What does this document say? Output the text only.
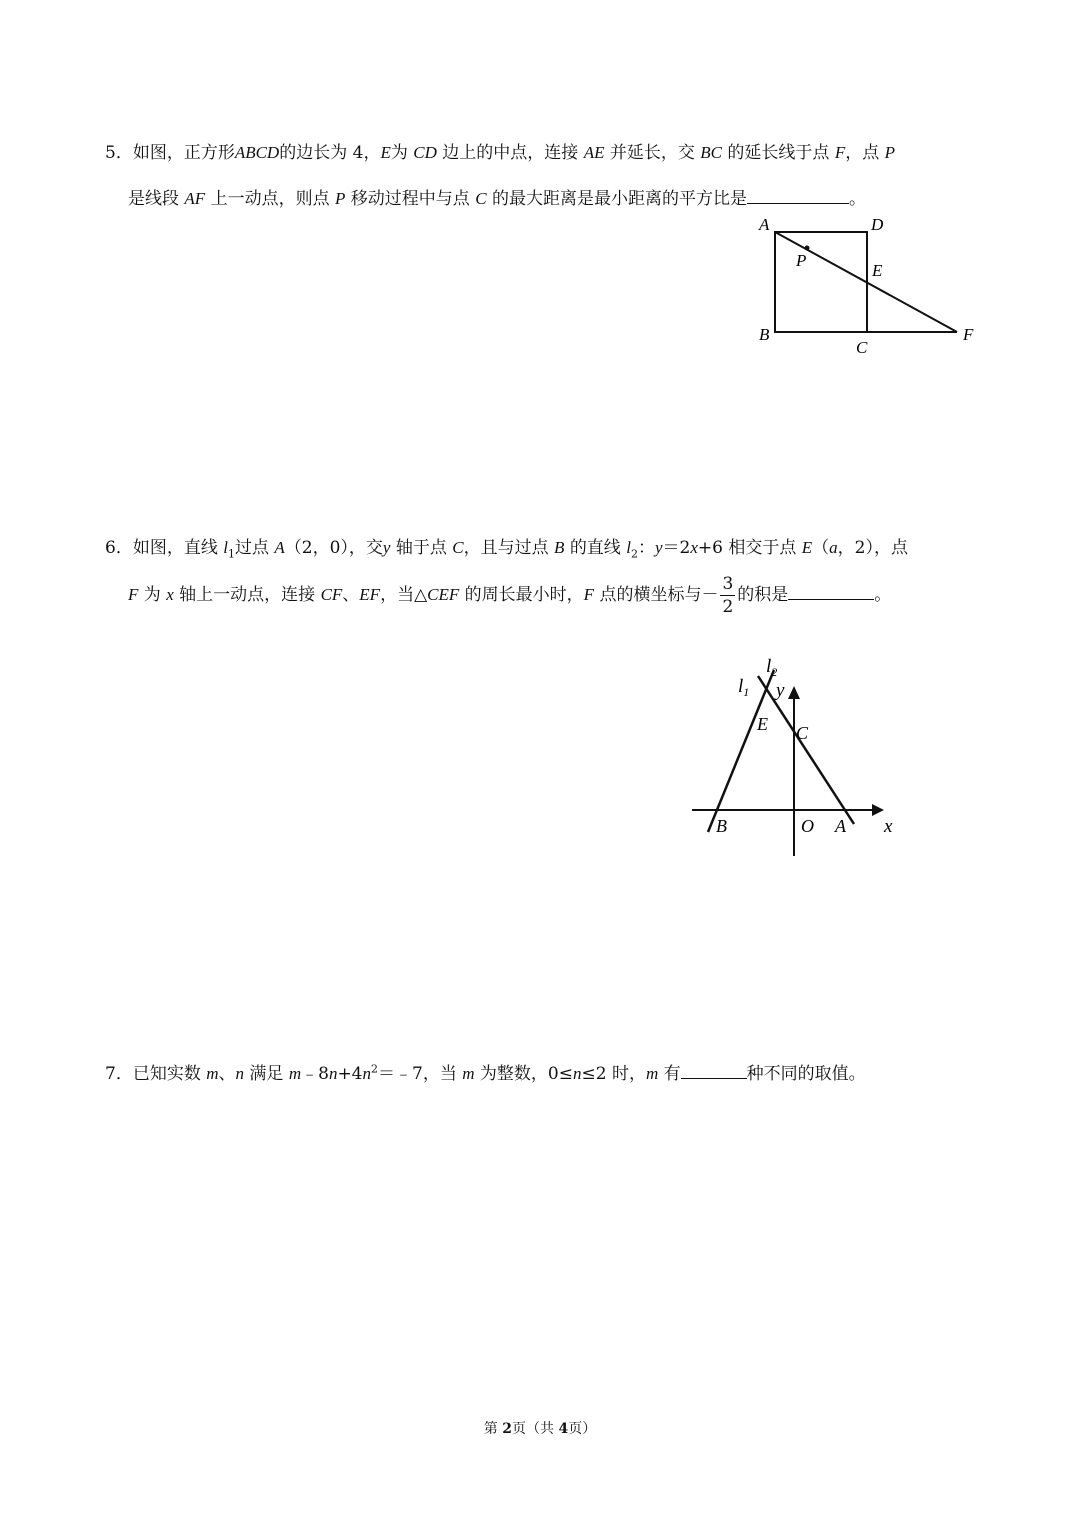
5．如图，正方形ABCD的边长为 4，E为 CD 边上的中点，连接 AE 并延长，交 BC 的延长线于点 F，点 P
是线段 AF 上一动点，则点 P 移动过程中与点 C 的最大距离是最小距离的平方比是	。
A	D
P
E
B
C
F
6．如图，直线 $l_1$过点 A（2，0），交y 轴于点 C，且与过点 B 的直线 $l_2$：y＝2x+6 相交于点 E（a，2），点
F 为 x 轴上一动点，连接 CF、EF，当△CEF 的周长最小时，F 点的横坐标与－ $\frac{3}{2}$ 的积是	。
$l_2$
$l_1$ y
E C
B	O A x
7．已知实数 m、n 满足 $m﹣8n+4n^2=﹣7$，当 m 为整数，0≤n≤2 时，m 有	种不同的取值。
第 2页（共 4页）
